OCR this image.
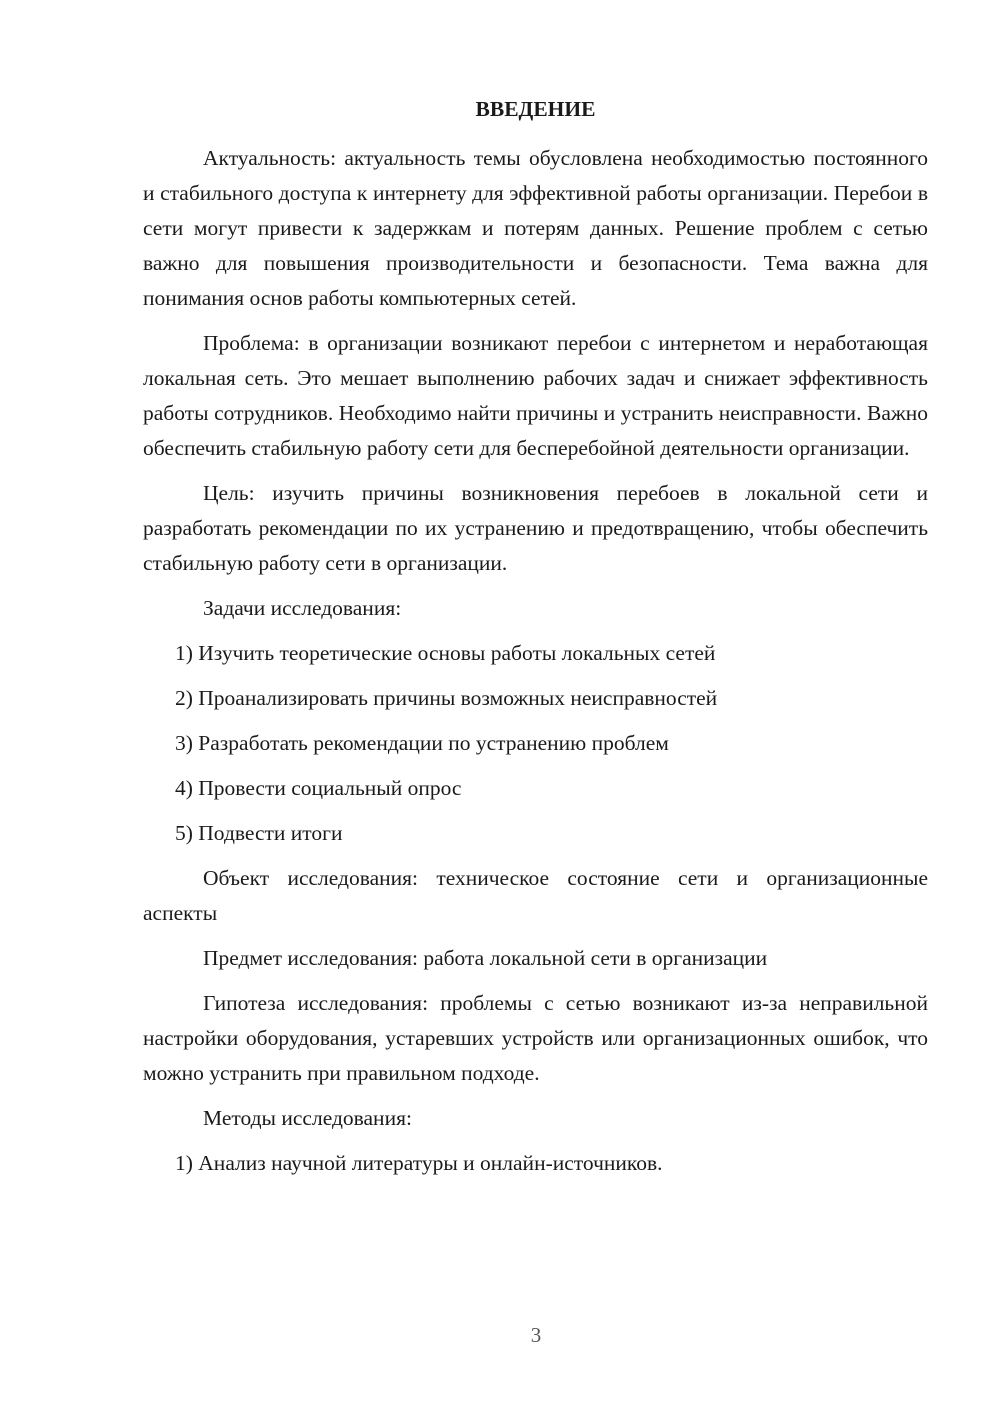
ВВЕДЕНИЕ

Актуальность: актуальность темы обусловлена необходимостью постоянного и стабильного доступа к интернету для эффективной работы организации. Перебои в сети могут привести к задержкам и потерям данных. Решение проблем с сетью важно для повышения производительности и безопасности. Тема важна для понимания основ работы компьютерных сетей.

Проблема: в организации возникают перебои с интернетом и неработающая локальная сеть. Это мешает выполнению рабочих задач и снижает эффективность работы сотрудников. Необходимо найти причины и устранить неисправности. Важно обеспечить стабильную работу сети для бесперебойной деятельности организации.

Цель: изучить причины возникновения перебоев в локальной сети и разработать рекомендации по их устранению и предотвращению, чтобы обеспечить стабильную работу сети в организации.

Задачи исследования:

1) Изучить теоретические основы работы локальных сетей
2) Проанализировать причины возможных неисправностей
3) Разработать рекомендации по устранению проблем
4) Провести социальный опрос
5) Подвести итоги

Объект исследования: техническое состояние сети и организационные аспекты

Предмет исследования: работа локальной сети в организации

Гипотеза исследования: проблемы с сетью возникают из-за неправильной настройки оборудования, устаревших устройств или организационных ошибок, что можно устранить при правильном подходе.

Методы исследования:

1) Анализ научной литературы и онлайн-источников.
3
